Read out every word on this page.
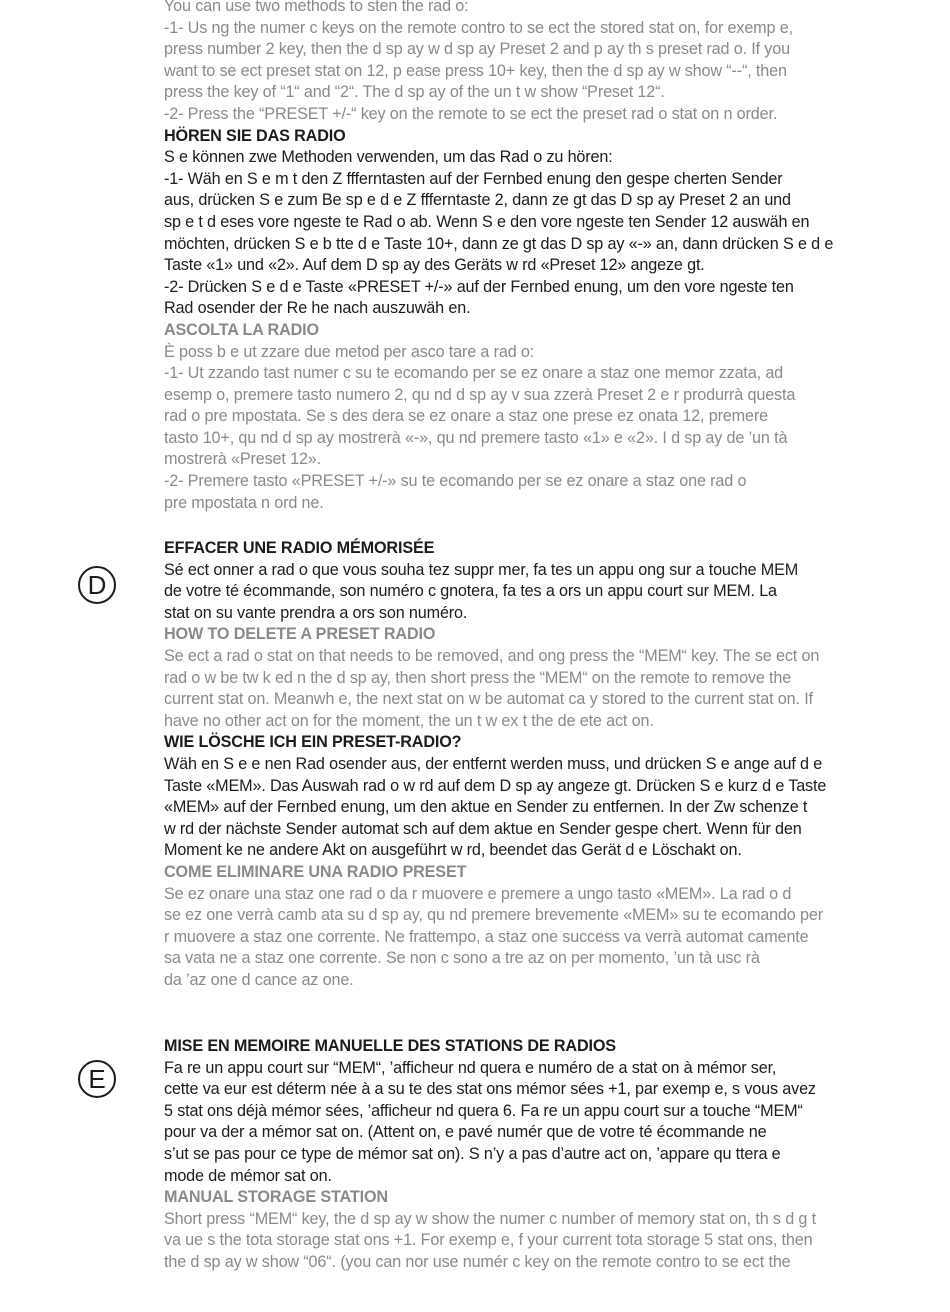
You can use two methods to sten the rad o:
-1- Us ng the numer c keys on the remote contro to se ect the stored stat on, for exemp e,
press number 2 key, then the d sp ay w d sp ay Preset 2 and p ay th s preset rad o. If you
want to se ect preset stat on 12, p ease press 10+ key, then the d sp ay w show “--“, then
press the key of “1“ and “2“. The d sp ay of the un t w show “Preset 12“.
-2- Press the “PRESET +/-“ key on the remote to se ect the preset rad o stat on n order.
HÖREN SIE DAS RADIO
S e können zwe Methoden verwenden, um das Rad o zu hören:
-1- Wäh en S e m t den Z ffferntasten auf der Fernbed enung den gespe cherten Sender
aus, drücken S e zum Be sp e d e Z ffferntaste 2, dann ze gt das D sp ay Preset 2 an und
sp e t d eses vore ngeste te Rad o ab. Wenn S e den vore ngeste ten Sender 12 auswäh en
möchten, drücken S e b tte d e Taste 10+, dann ze gt das D sp ay «-» an, dann drücken S e d e
Taste «1» und «2». Auf dem D sp ay des Geräts w rd «Preset 12» angeze gt.
-2- Drücken S e d e Taste «PRESET +/-» auf der Fernbed enung, um den vore ngeste ten
Rad osender der Re he nach auszuwäh en.
ASCOLTA LA RADIO
È poss b e ut zzare due metod per asco tare a rad o:
-1- Ut zzando tast numer c su te ecomando per se ez onare a staz one memor zzata, ad
esemp o, premere tasto numero 2, qu nd d sp ay v sua zzerà Preset 2 e r produrrà questa
rad o pre mpostata. Se s des dera se ez onare a staz one prese ez onata 12, premere
tasto 10+, qu nd d sp ay mostrerà «-», qu nd premere tasto «1» e «2». I d sp ay de ’un tà
mostrerà «Preset 12».
-2- Premere tasto «PRESET +/-» su te ecomando per se ez onare a staz one rad o
pre mpostata n ord ne.
D
EFFACER UNE RADIO MÉMORISÉE
Sé ect onner a rad o que vous souha tez suppr mer, fa tes un appu ong sur a touche MEM
de votre té écommande, son numéro c gnotera, fa tes a ors un appu court sur MEM. La
stat on su vante prendra a ors son numéro.
HOW TO DELETE A PRESET RADIO
Se ect a rad o stat on that needs to be removed, and ong press the “MEM“ key. The se ect on
rad o w be tw k ed n the d sp ay, then short press the “MEM“ on the remote to remove the
current stat on. Meanwh e, the next stat on w be automat ca y stored to the current stat on. If
have no other act on for the moment, the un t w ex t the de ete act on.
WIE LÖSCHE ICH EIN PRESET-RADIO?
Wäh en S e e nen Rad osender aus, der entfernt werden muss, und drücken S e ange auf d e
Taste «MEM». Das Auswah rad o w rd auf dem D sp ay angeze gt. Drücken S e kurz d e Taste
«MEM» auf der Fernbed enung, um den aktue en Sender zu entfernen. In der Zw schenze t
w rd der nächste Sender automat sch auf dem aktue en Sender gespe chert. Wenn für den
Moment ke ne andere Akt on ausgeführt w rd, beendet das Gerät d e Löschakt on.
COME ELIMINARE UNA RADIO PRESET
Se ez onare una staz one rad o da r muovere e premere a ungo tasto «MEM». La rad o d
se ez one verrà camb ata su d sp ay, qu nd premere brevemente «MEM» su te ecomando per
r muovere a staz one corrente. Ne frattempo, a staz one success va verrà automat camente
sa vata ne a staz one corrente. Se non c sono a tre az on per momento, ’un tà usc rà
da ’az one d cance az one.
E
MISE EN MEMOIRE MANUELLE DES STATIONS DE RADIOS
Fa re un appu court sur “MEM“, ’afficheur nd quera e numéro de a stat on à mémor ser,
cette va eur est déterm née à a su te des stat ons mémor sées +1, par exemp e, s vous avez
5 stat ons déjà mémor sées, ’afficheur nd quera 6. Fa re un appu court sur a touche “MEM“
pour va der a mémor sat on. (Attent on, e pavé numér que de votre té écommande ne
s’ut se pas pour ce type de mémor sat on). S n’y a pas d’autre act on, ’appare qu ttera e
mode de mémor sat on.
MANUAL STORAGE STATION
Short press “MEM“ key, the d sp ay w show the numer c number of memory stat on, th s d g t
va ue s the tota storage stat ons +1. For exemp e, f your current tota storage 5 stat ons, then
the d sp ay w show “06“. (you can nor use numér c key on the remote contro to se ect the
